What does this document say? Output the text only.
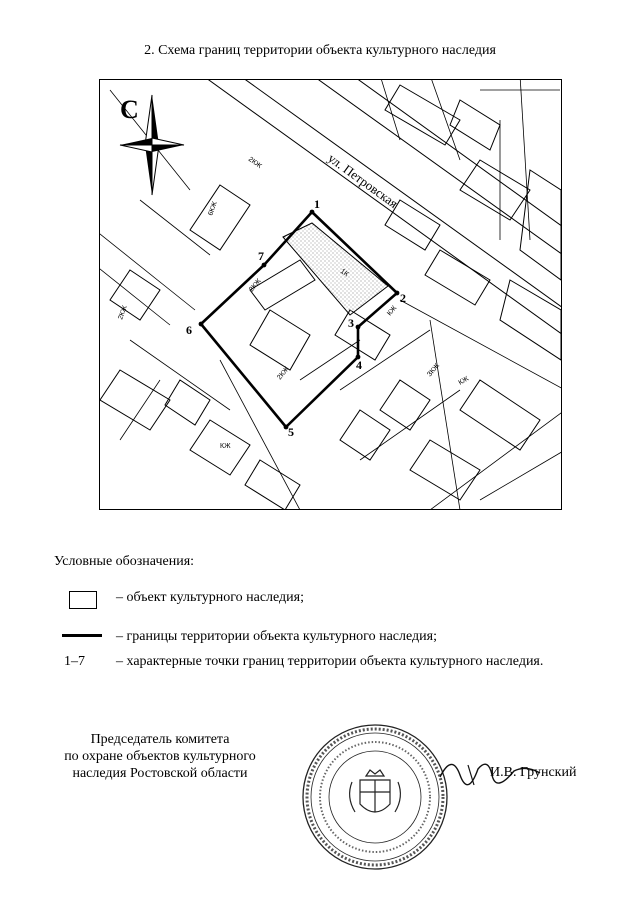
2. Схема границ территории объекта культурного наследия
1
2
3
4
5
6
7
ул. Петровская
2КЖ
6КЖ
1К
2КЖ
2КЖ
КЖ
2КЖ
ЗКЖ
КЖ
КЖ
С
Условные обозначения:
– объект культурного наследия;
– границы территории объекта культурного наследия;
1–7 – характерные точки границ территории объекта культурного наследия.
Председатель комитета
по охране объектов культурного
наследия Ростовской области	И.В. Грунский
